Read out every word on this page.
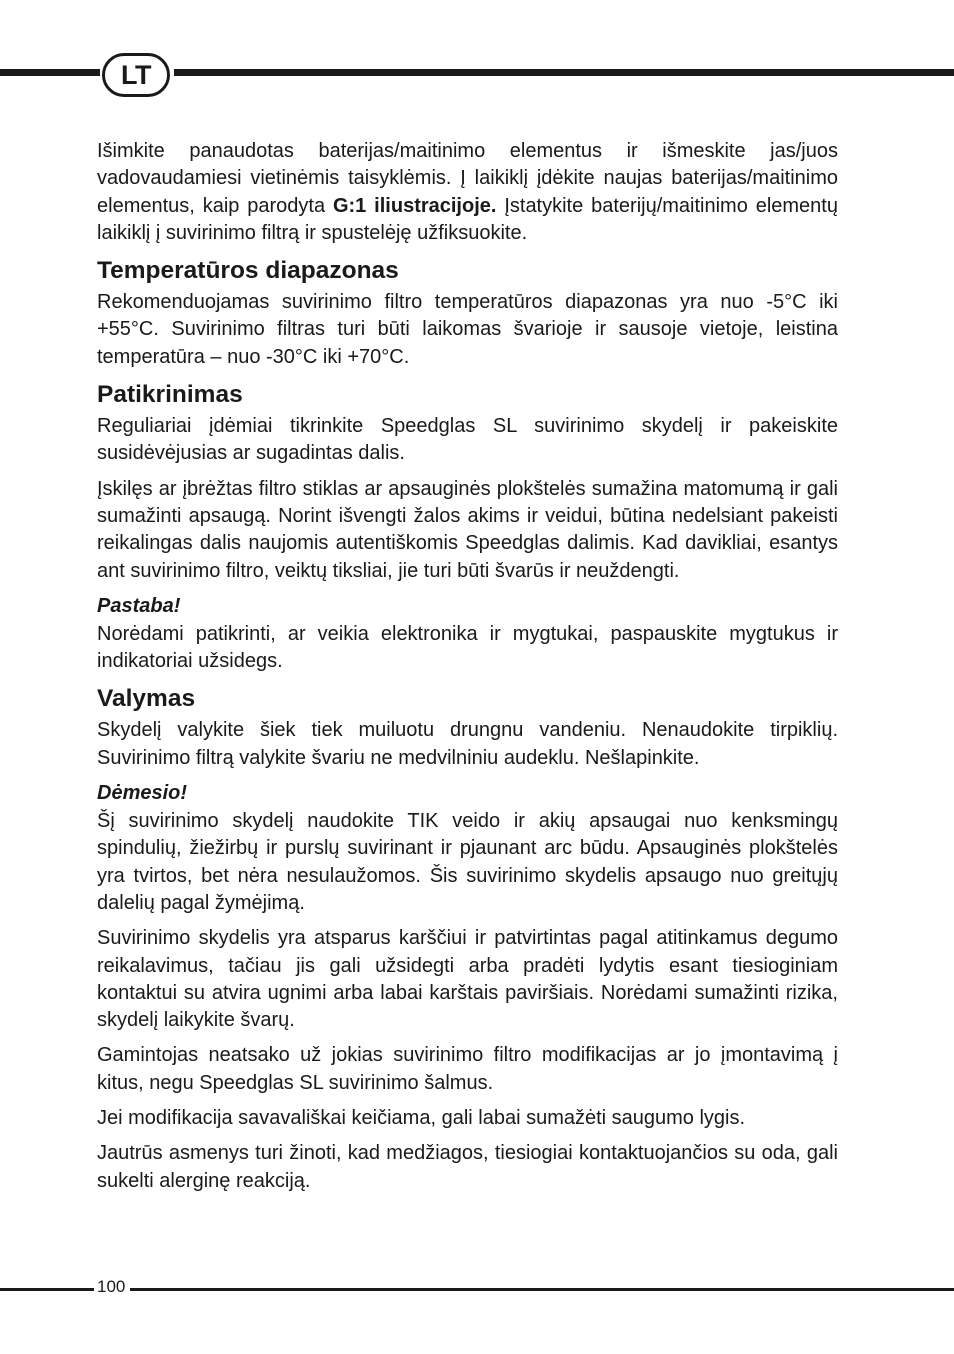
LT

Išimkite panaudotas baterijas/maitinimo elementus ir išmeskite jas/juos vadovaudamiesi vietinėmis taisyklėmis. Į laikiklį įdėkite naujas baterijas/maitinimo elementus, kaip parodyta G:1 iliustracijoje. Įstatykite baterijų/maitinimo elementų laikiklį į suvirinimo filtrą ir spustelėję užfiksuokite.

Temperatūros diapazonas

Rekomenduojamas suvirinimo filtro temperatūros diapazonas yra nuo -5°C iki +55°C. Suvirinimo filtras turi būti laikomas švarioje ir sausoje vietoje, leistina temperatūra – nuo -30°C iki +70°C.

Patikrinimas

Reguliariai įdėmiai tikrinkite Speedglas SL suvirinimo skydelį ir pakeiskite susidėvėjusias ar sugadintas dalis.

Įskilęs ar įbrėžtas filtro stiklas ar apsauginės plokštelės sumažina matomumą ir gali sumažinti apsaugą. Norint išvengti žalos akims ir veidui, būtina nedelsiant pakeisti reikalingas dalis naujomis autentiškomis Speedglas dalimis. Kad davikliai, esantys ant suvirinimo filtro, veiktų tiksliai, jie turi būti švarūs ir neuždengti.

Pastaba!

Norėdami patikrinti, ar veikia elektronika ir mygtukai, paspauskite mygtukus ir indikatoriai užsidegs.

Valymas

Skydelį valykite šiek tiek muiluotu drungnu vandeniu. Nenaudokite tirpiklių. Suvirinimo filtrą valykite švariu ne medvilniniu audeklu. Nešlapinkite.

Dėmesio!

Šį suvirinimo skydelį naudokite TIK veido ir akių apsaugai nuo kenksmingų spindulių, žiežirbų ir purslų suvirinant ir pjaunant arc būdu. Apsauginės plokštelės yra tvirtos, bet nėra nesulaužomos. Šis suvirinimo skydelis apsaugo nuo greitųjų dalelių pagal žymėjimą.

Suvirinimo skydelis yra atsparus karščiui ir patvirtintas pagal atitinkamus degumo reikalavimus, tačiau jis gali užsidegti arba pradėti lydytis esant tiesioginiam kontaktui su atvira ugnimi arba labai karštais paviršiais. Norėdami sumažinti rizika, skydelį laikykite švarų.

Gamintojas neatsako už jokias suvirinimo filtro modifikacijas ar jo įmontavimą į kitus, negu Speedglas SL suvirinimo šalmus.

Jei modifikacija savavališkai keičiama, gali labai sumažėti saugumo lygis.

Jautrūs asmenys turi žinoti, kad medžiagos, tiesiogiai kontaktuojančios su oda, gali sukelti alerginę reakciją.

100
